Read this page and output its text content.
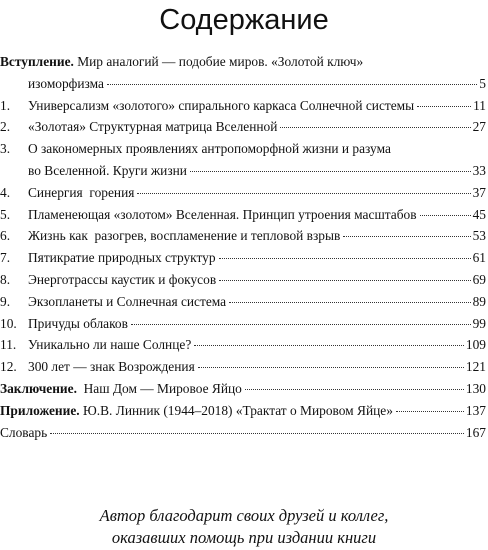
Содержание
Вступление. Мир аналогий — подобие миров. «Золотой ключ»
изоморфизма	5
1.	Универсализм «золотого» спирального каркаса Солнечной системы	11
2.	«Золотая» Структурная матрица Вселенной	27
3.	О закономерных проявлениях антропоморфной жизни и разума
во Вселенной. Круги жизни	33
4.	Синергия  горения	37
5.	Пламенеющая «золотом» Вселенная. Принцип утроения масштабов	45
6.	Жизнь как  разогрев, воспламенение и тепловой взрыв	53
7.	Пятикратие природных структур	61
8.	Энерготрассы каустик и фокусов	69
9.	Экзопланеты и Солнечная система	89
10. Причуды облаков	99
11. Уникально ли наше Солнце?	109
12. 300 лет — знак Возрождения	121
Заключение.  Наш Дом — Мировое Яйцо	130
Приложение. Ю.В. Линник (1944–2018) «Трактат о Мировом Яйце»	137
Словарь	167
Автор благодарит своих друзей и коллег,
оказавших помощь при издании книги
